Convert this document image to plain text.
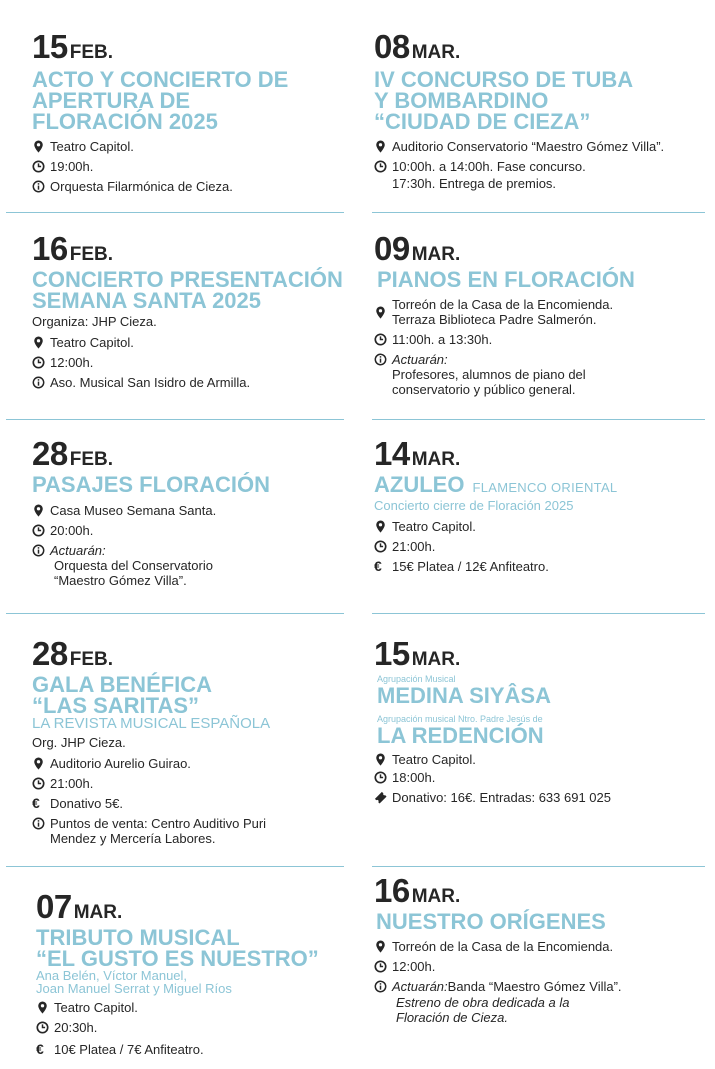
15 FEB.
ACTO Y CONCIERTO DE
APERTURA DE
FLORACIÓN 2025
Teatro Capitol.
19:00h.
Orquesta Filarmónica de Cieza.
16 FEB.
CONCIERTO PRESENTACIÓN
SEMANA SANTA 2025
Organiza: JHP Cieza.
Teatro Capitol.
12:00h.
Aso. Musical San Isidro de Armilla.
28 FEB.
PASAJES FLORACIÓN
Casa Museo Semana Santa.
20:00h.
Actuarán:
Orquesta del Conservatorio
“Maestro Gómez Villa”.
28 FEB.
GALA BENÉFICA
“LAS SARITAS”
LA REVISTA MUSICAL ESPAÑOLA
Org. JHP Cieza.
Auditorio Aurelio Guirao.
21:00h.
€ Donativo 5€.
Puntos de venta: Centro Auditivo Puri
Mendez y Mercería Labores.
07 MAR.
TRIBUTO MUSICAL
“EL GUSTO ES NUESTRO”
Ana Belén, Víctor Manuel,
Joan Manuel Serrat y Miguel Ríos
Teatro Capitol.
20:30h.
€ 10€ Platea / 7€ Anfiteatro.
08 MAR.
IV CONCURSO DE TUBA
Y BOMBARDINO
“CIUDAD DE CIEZA”
Auditorio Conservatorio “Maestro Gómez Villa”.
10:00h. a 14:00h. Fase concurso.
17:30h. Entrega de premios.
09 MAR.
PIANOS EN FLORACIÓN
Torreón de la Casa de la Encomienda.
Terraza Biblioteca Padre Salmerón.
11:00h. a 13:30h.
Actuarán:
Profesores, alumnos de piano del
conservatorio y público general.
14 MAR.
AZULEO FLAMENCO ORIENTAL
Concierto cierre de Floración 2025
Teatro Capitol.
21:00h.
€ 15€ Platea / 12€ Anfiteatro.
15 MAR.
Agrupación Musical
MEDINA SIYÂSA
Agrupación musical Ntro. Padre Jesús de
LA REDENCIÓN
Teatro Capitol.
18:00h.
Donativo: 16€. Entradas: 633 691 025
16 MAR.
NUESTRO ORÍGENES
Torreón de la Casa de la Encomienda.
12:00h.
Actuarán:Banda “Maestro Gómez Villa”.
Estreno de obra dedicada a la
Floración de Cieza.
